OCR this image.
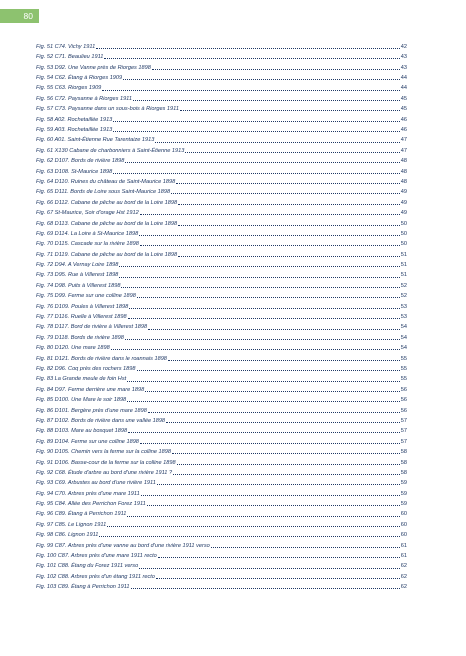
80
Fig. 51 C74. Vichy 1911	42
Fig. 52 C71. Beaulieu 1911	43
Fig. 53 D92. Une Vanne près de Riorges 1898	43
Fig. 54 C62. Étang à Riorges 1909	44
Fig. 55 C63. Riorges 1909	44
Fig. 56 C72. Paysanne à Riorges 1911	45
Fig. 57 C73. Paysanne dans un sous-bois à Riorges 1911	45
Fig. 58 A02. Rochetaillée 1913	46
Fig. 59 A03. Rochetaillée 1913	46
Fig. 60 A01. Saint-Étienne Rue Tarentaize 1913	47
Fig. 61 X130 Cabane de charbonniers à Saint-Étienne 1913	47
Fig. 62 D107. Bords de rivière 1898	48
Fig. 63 D108. St-Maurice 1898	48
Fig. 64 D110. Ruines du château de Saint-Maurice 1898	48
Fig. 65 D111. Bords de Loire sous Saint-Maurice 1898	49
Fig. 66 D112. Cabane de pêche au bord de la Loire 1898	49
Fig. 67 St-Maurice, Soir d'orage Hst 1912	49
Fig. 68 D113. Cabane de pêche au bord de la Loire 1898	50
Fig. 69 D114. La Loire à St-Maurice 1898	50
Fig. 70 D115. Cascade sur la rivière 1898	50
Fig. 71 D119. Cabane de pêche au bord de la Loire 1898	51
Fig. 72 D94. A Vernay Loire 1898	51
Fig. 73 D95. Rue à Villerest 1898	51
Fig. 74 D98. Puits à Villerest 1898	52
Fig. 75 D99. Ferme sur une colline 1898	52
Fig. 76 D109. Poules à Villerest 1898	53
Fig. 77 D116. Ruelle à Villerest 1898	53
Fig. 78 D117. Bord de rivière à Villerest 1898	54
Fig. 79 D118. Bords de rivière 1898	54
Fig. 80 D120. Une mare 1898	54
Fig. 81 D121. Bords de rivière dans le roannais 1898	55
Fig. 82 D96. Coq près des rochers 1898	55
Fig. 83 La Grande meule de foin Hst	55
Fig. 84 D97. Ferme derrière une mare 1898	56
Fig. 85 D100. Une Mare le soir 1898	56
Fig. 86 D101. Bergère près d'une mare 1898	56
Fig. 87 D102. Bords de rivière dans une vallée 1898	57
Fig. 88 D103. Mare au bosquet 1898	57
Fig. 89 D104. Ferme sur une colline 1898	57
Fig. 90 D105. Chemin vers la ferme sur la colline 1898	58
Fig. 91 D106. Basse-cour de la ferme sur la colline 1898	58
Fig. 92 C68. Étude d'arbre au bord d'une rivière 1911 ?	58
Fig. 93 C69. Arbustes au bord d'une rivière 1911	59
Fig. 94 C70. Arbres près d'une mare 1911	59
Fig. 95 C84. Allée des Perrichon Forez 1911	59
Fig. 96 C89. Étang à Perrichon 1911	60
Fig. 97 C85. Le Lignon 1911	60
Fig. 98 C86. Lignon 1911	60
Fig. 99 C87. Arbres près d'une vanne au bord d'une rivière 1911 verso	61
Fig. 100 C87. Arbres près d'une mare 1911 recto	61
Fig. 101 C88. Étang du Forez 1911 verso	62
Fig. 102 C88. Arbres près d'un étang 1911 recto	62
Fig. 103 C89. Étang à Perrichon 1911	62
